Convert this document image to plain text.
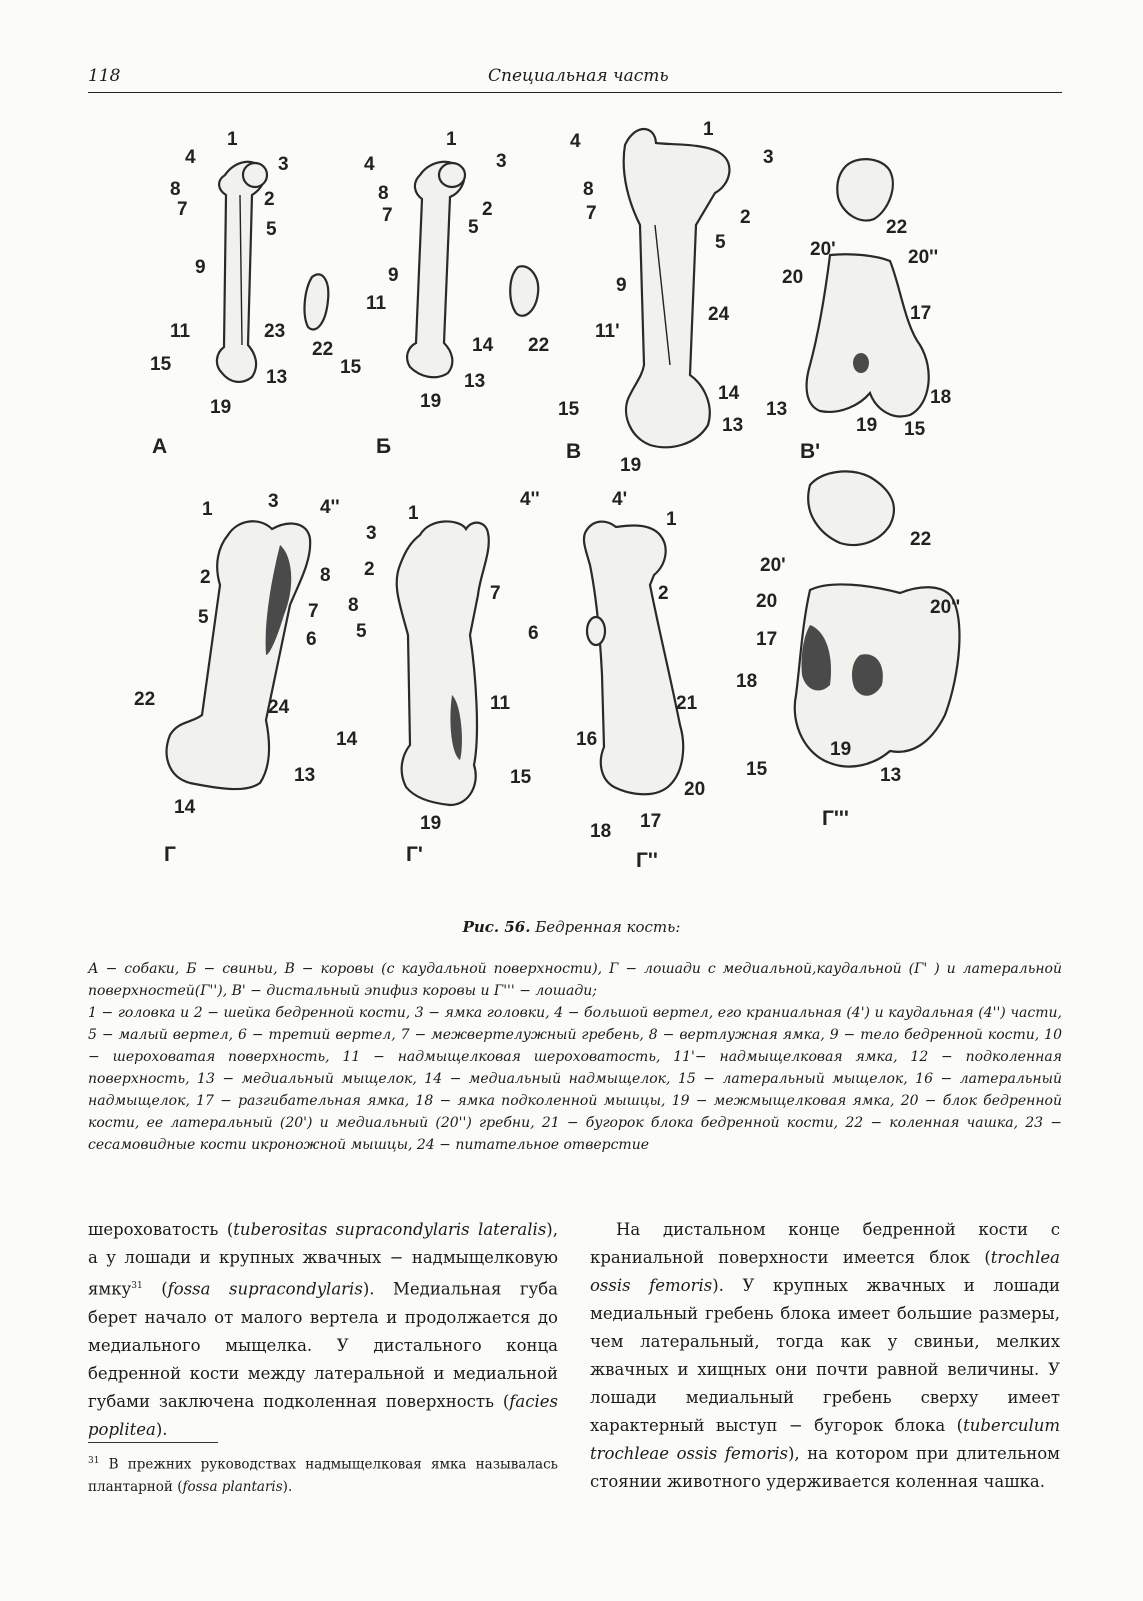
118	Специальная часть
1
4	3
8
7	2
5
9
11	23
15
13
19
22
1
4	3
8
7	2
5
9
11
14
15
13
19
22
1
4
3
8
7	2
5
9
24
11'
14
15
13
19
22
20'	20''
20
17
18
13
19 15
1	3 4''
2	8
5	7
6
22	24
13
14
1
3
2
8
7
5	6
11
14
15
19
4''	4'
1
2
21
16
20
17
18
22
20'
20	20''
17
18
19
15	13
А	Б	В	В'
Г	Г'	Г''
Г'''
Рис. 56. Бедренная кость:
А − собаки, Б − свиньи, В − коровы (с каудальной поверхности), Г − лошади с медиальной,каудальной (Г' ) и латеральной поверхностей(Г''), В' − дистальный эпифиз коровы и Г''' − лошади;
1 − головка и 2 − шейка бедренной кости, 3 − ямка головки, 4 − большой вертел, его краниальная (4') и каудальная (4'') части, 5 − малый вертел, 6 − третий вертел, 7 − межвертелужный гребень, 8 − вертлужная ямка, 9 − тело бедренной кости, 10 − шероховатая поверхность, 11 − надмыщелковая шероховатость, 11'− надмыщелковая ямка, 12 − подколенная поверхность, 13 − медиальный мыщелок, 14 − медиальный надмыщелок, 15 − латеральный мыщелок, 16 − латеральный надмыщелок, 17 − разгибательная ямка, 18 − ямка подколенной мышцы, 19 − межмыщелковая ямка, 20 − блок бедренной кости, ее латеральный (20') и медиальный (20'') гребни, 21 − бугорок блока бедренной кости, 22 − коленная чашка, 23 − сесамовидные кости икроножной мышцы, 24 − питательное отверстие

шероховатость (tuberositas supracondylaris lateralis), а у лошади и крупных жвачных − надмыщелковую ямку$^{31}$ (fossa supracondylaris). Медиальная губа берет начало от малого вертела и продолжается до медиального мыщелка. У дистального конца бедренной кости между латеральной и медиальной губами заключена подколенная поверхность (facies poplitea).

На дистальном конце бедренной кости с краниальной поверхности имеется блок (trochlea ossis femoris). У крупных жвачных и лошади медиальный гребень блока имеет большие размеры, чем латеральный, тогда как у свиньи, мелких жвачных и хищных они почти равной величины. У лошади медиальный гребень сверху имеет характерный выступ − бугорок блока (tuberculum trochleae ossis femoris), на котором при длительном стоянии животного удерживается коленная чашка.

$^{31}$ В прежних руководствах надмыщелковая ямка называлась плантарной (fossa plantaris).
